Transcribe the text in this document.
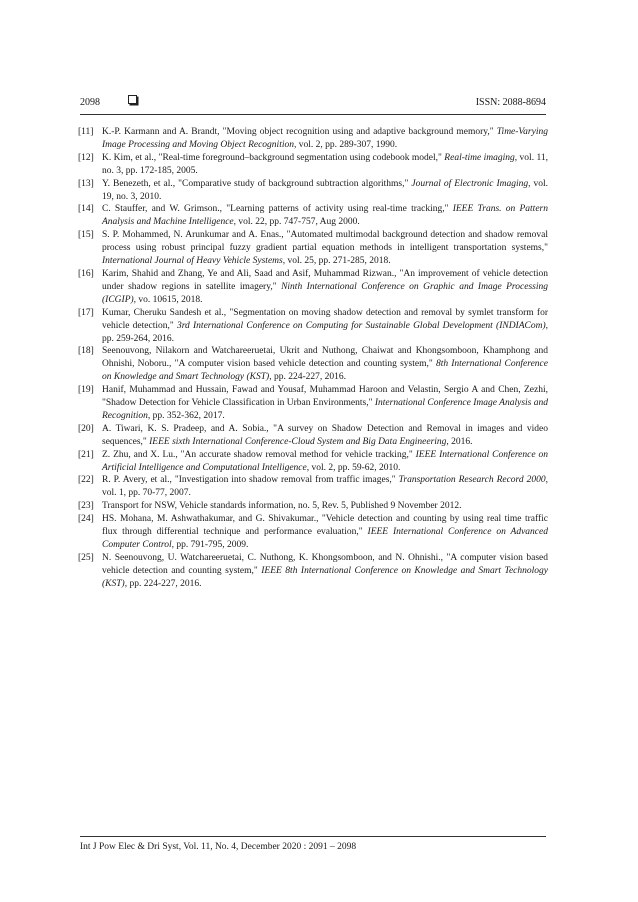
2098	ISSN: 2088-8694
[11] K.-P. Karmann and A. Brandt, "Moving object recognition using and adaptive background memory," Time-Varying Image Processing and Moving Object Recognition, vol. 2, pp. 289-307, 1990.
[12] K. Kim, et al., "Real-time foreground–background segmentation using codebook model," Real-time imaging, vol. 11, no. 3, pp. 172-185, 2005.
[13] Y. Benezeth, et al., "Comparative study of background subtraction algorithms," Journal of Electronic Imaging, vol. 19, no. 3, 2010.
[14] C. Stauffer, and W. Grimson., "Learning patterns of activity using real-time tracking," IEEE Trans. on Pattern Analysis and Machine Intelligence, vol. 22, pp. 747-757, Aug 2000.
[15] S. P. Mohammed, N. Arunkumar and A. Enas., "Automated multimodal background detection and shadow removal process using robust principal fuzzy gradient partial equation methods in intelligent transportation systems," International Journal of Heavy Vehicle Systems, vol. 25, pp. 271-285, 2018.
[16] Karim, Shahid and Zhang, Ye and Ali, Saad and Asif, Muhammad Rizwan., "An improvement of vehicle detection under shadow regions in satellite imagery," Ninth International Conference on Graphic and Image Processing (ICGIP), vo. 10615, 2018.
[17] Kumar, Cheruku Sandesh et al., "Segmentation on moving shadow detection and removal by symlet transform for vehicle detection," 3rd International Conference on Computing for Sustainable Global Development (INDIACom), pp. 259-264, 2016.
[18] Seenouvong, Nilakorn and Watchareeruetai, Ukrit and Nuthong, Chaiwat and Khongsomboon, Khamphong and Ohnishi, Noboru., "A computer vision based vehicle detection and counting system," 8th International Conference on Knowledge and Smart Technology (KST), pp. 224-227, 2016.
[19] Hanif, Muhammad and Hussain, Fawad and Yousaf, Muhammad Haroon and Velastin, Sergio A and Chen, Zezhi, "Shadow Detection for Vehicle Classification in Urban Environments," International Conference Image Analysis and Recognition, pp. 352-362, 2017.
[20] A. Tiwari, K. S. Pradeep, and A. Sobia., "A survey on Shadow Detection and Removal in images and video sequences," IEEE sixth International Conference-Cloud System and Big Data Engineering, 2016.
[21] Z. Zhu, and X. Lu., "An accurate shadow removal method for vehicle tracking," IEEE International Conference on Artificial Intelligence and Computational Intelligence, vol. 2, pp. 59-62, 2010.
[22] R. P. Avery, et al., "Investigation into shadow removal from traffic images," Transportation Research Record 2000, vol. 1, pp. 70-77, 2007.
[23] Transport for NSW, Vehicle standards information, no. 5, Rev. 5, Published 9 November 2012.
[24] HS. Mohana, M. Ashwathakumar, and G. Shivakumar., "Vehicle detection and counting by using real time traffic flux through differential technique and performance evaluation," IEEE International Conference on Advanced Computer Control, pp. 791-795, 2009.
[25] N. Seenouvong, U. Watchareeruetai, C. Nuthong, K. Khongsomboon, and N. Ohnishi., "A computer vision based vehicle detection and counting system," IEEE 8th International Conference on Knowledge and Smart Technology (KST), pp. 224-227, 2016.
Int J Pow Elec & Dri Syst, Vol. 11, No. 4, December 2020 : 2091 – 2098
